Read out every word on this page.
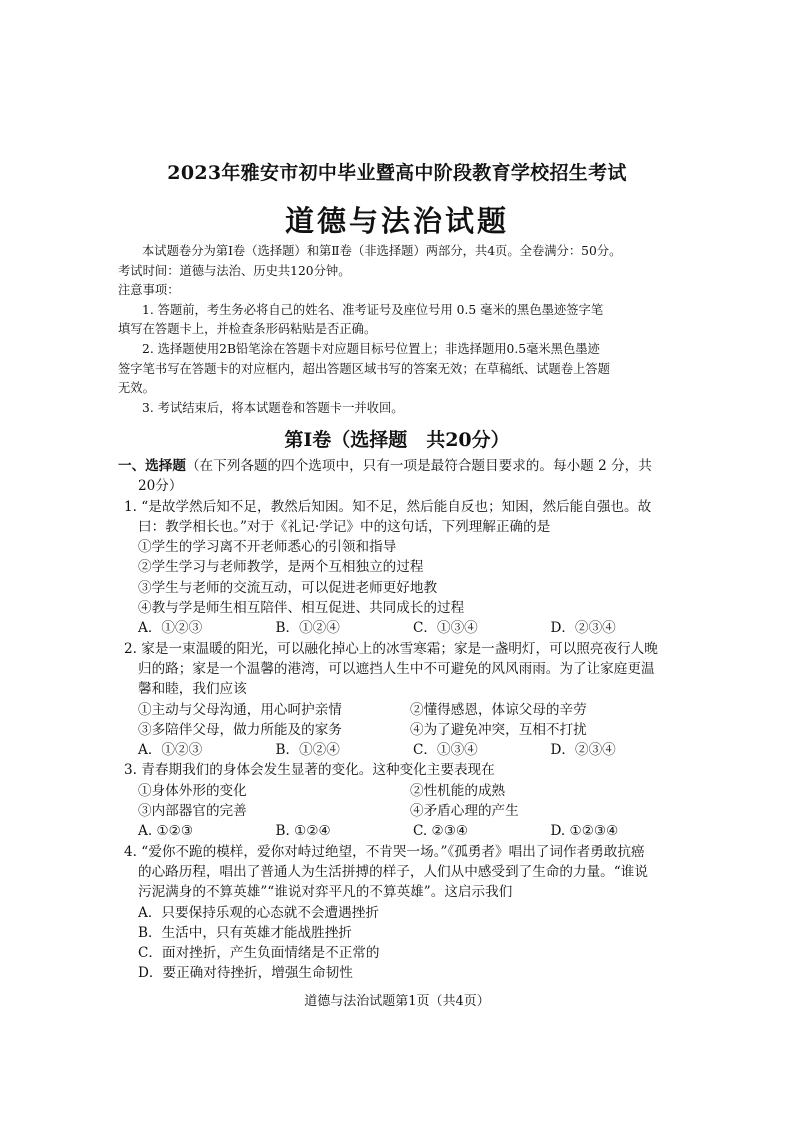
2023年雅安市初中毕业暨高中阶段教育学校招生考试
道德与法治试题

本试题卷分为第Ⅰ卷（选择题）和第Ⅱ卷（非选择题）两部分，共4页。全卷满分：50分。

考试时间：道德与法治、历史共120分钟。

注意事项：

1. 答题前，考生务必将自己的姓名、准考证号及座位号用 0.5 毫米的黑色墨迹签字笔

填写在答题卡上，并检查条形码粘贴是否正确。

2. 选择题使用2B铅笔涂在答题卡对应题目标号位置上；非选择题用0.5毫米黑色墨迹

签字笔书写在答题卡的对应框内，超出答题区域书写的答案无效；在草稿纸、试题卷上答题

无效。

3. 考试结束后，将本试题卷和答题卡一并收回。

第Ⅰ卷（选择题　共20分）

一、选择题（在下列各题的四个选项中，只有一项是最符合题目要求的。每小题 2 分，共

20分）

1. “是故学然后知不足，教然后知困。知不足，然后能自反也；知困，然后能自强也。故

曰：教学相长也。”对于《礼记·学记》中的这句话，下列理解正确的是

①学生的学习离不开老师悉心的引领和指导

②学生学习与老师教学，是两个互相独立的过程

③学生与老师的交流互动，可以促进老师更好地教

④教与学是师生相互陪伴、相互促进、共同成长的过程

A．①②③	B．①②④	C．①③④	D．②③④

2. 家是一束温暖的阳光，可以融化掉心上的冰雪寒霜；家是一盏明灯，可以照亮夜行人晚

归的路；家是一个温馨的港湾，可以遮挡人生中不可避免的风风雨雨。为了让家庭更温

馨和睦，我们应该

①主动与父母沟通，用心呵护亲情	②懂得感恩，体谅父母的辛劳
③多陪伴父母，做力所能及的家务	④为了避免冲突，互相不打扰
A．①②③	B．①②④	C．①③④	D．②③④

3. 青春期我们的身体会发生显著的变化。这种变化主要表现在

①身体外形的变化	②性机能的成熟
③内部器官的完善	④矛盾心理的产生
A. ①②③	B. ①②④	C. ②③④	D. ①②③④

4. “爱你不跪的模样，爱你对峙过绝望，不肯哭一场。”《孤勇者》唱出了词作者勇敢抗癌

的心路历程，唱出了普通人为生活拼搏的样子，人们从中感受到了生命的力量。“谁说

污泥满身的不算英雄”“谁说对弈平凡的不算英雄”。这启示我们

A．只要保持乐观的心态就不会遭遇挫折

B．生活中，只有英雄才能战胜挫折

C．面对挫折，产生负面情绪是不正常的

D．要正确对待挫折，增强生命韧性

道德与法治试题第1页（共4页）
